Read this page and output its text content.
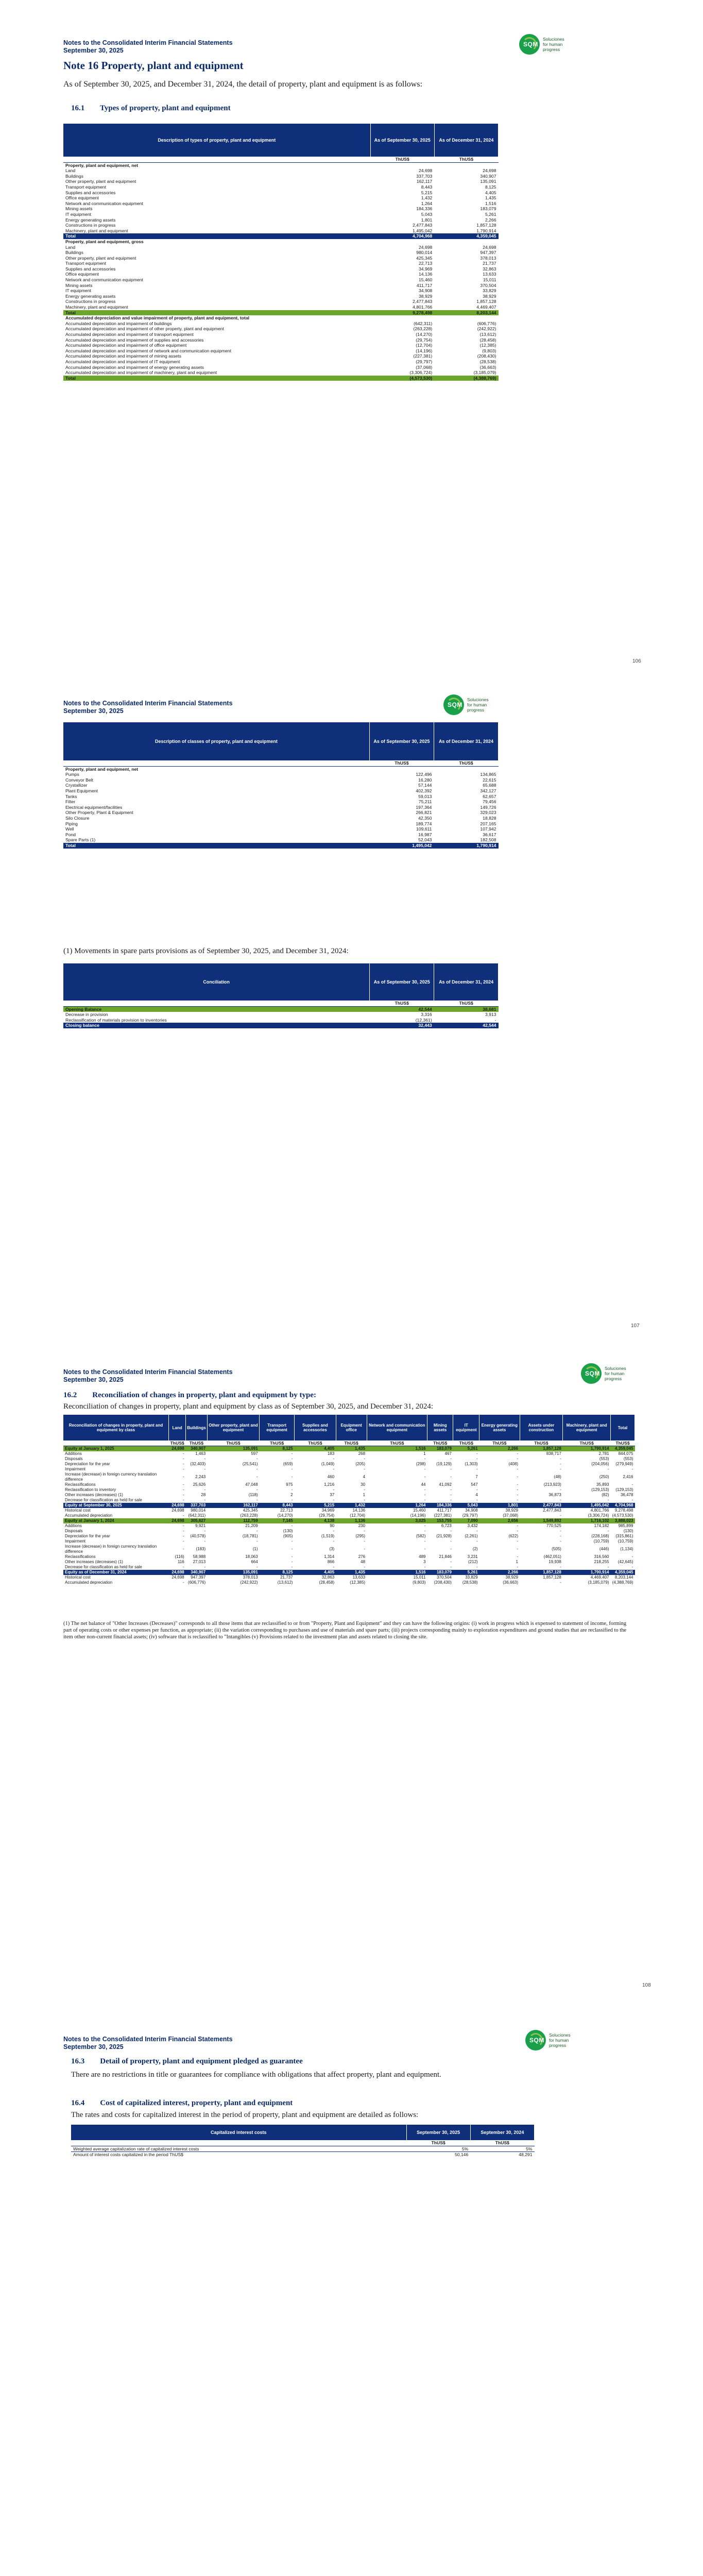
Notes to the Consolidated Interim Financial Statements
September 30, 2025
SQM
Soluciones
for human
progress
Note 16 Property, plant and equipment
As of September 30, 2025, and December 31, 2024, the detail of property, plant and equipment is as follows:
16.1        Types of property, plant and equipment
Description of types of property, plant and equipment	As of September 30, 2025	As of December 31, 2024
	ThUS$	ThUS$
Property, plant and equipment, net		
Land	24,698	24,698
Buildings	337,703	340,907
Other property, plant and equipment	162,117	135,091
Transport equipment	8,443	8,125
Supplies and accessories	5,215	4,405
Office equipment	1,432	1,435
Network and communication equipment	1,264	1,516
Mining assets	184,336	183,079
IT equipment	5,043	5,261
Energy generating assets	1,801	2,266
Constructions in progress	2,477,843	1,857,128
Machinery, plant and equipment	1,495,042	1,790,914
Total	4,704,968	4,359,045
Property, plant and equipment, gross		
Land	24,698	24,698
Buildings	980,014	947,397
Other property, plant and equipment	425,345	378,013
Transport equipment	22,713	21,737
Supplies and accessories	34,969	32,863
Office equipment	14,136	13,633
Network and communication equipment	15,460	15,011
Mining assets	411,717	370,504
IT equipment	34,908	33,829
Energy generating assets	38,929	38,929
Constructions in progress	2,477,843	1,857,128
Machinery, plant and equipment	4,801,766	4,469,407
Total	9,278,498	8,203,144
Accumulated depreciation and value impairment of property, plant and equipment, total		
Accumulated depreciation and impairment of buildings	(642,311)	(606,776)
Accumulated depreciation and impairment of other property, plant and equipment	(263,228)	(242,922)
Accumulated depreciation and impairment of transport equipment	(14,270)	(13,612)
Accumulated depreciation and impairment of supplies and accessories	(29,754)	(28,458)
Accumulated depreciation and impairment of office equipment	(12,704)	(12,385)
Accumulated depreciation and impairment of network and communication equipment	(14,196)	(9,803)
Accumulated depreciation and impairment of mining assets	(227,381)	(208,430)
Accumulated depreciation and impairment of IT equipment	(29,797)	(28,538)
Accumulated depreciation and impairment of energy generating assets	(37,068)	(36,663)
Accumulated depreciation and impairment of machinery, plant and equipment	(3,306,724)	(3,185,079)
Total	(4,573,530)	(4,388,769)
106
Notes to the Consolidated Interim Financial Statements
September 30, 2025
SQM
Soluciones
for human
progress
Description of classes of property, plant and equipment	As of September 30, 2025	As of December 31, 2024
	ThUS$	ThUS$
Property, plant and equipment, net		
Pumps	122,496	134,865
Conveyor Belt	16,280	22,615
Crystallizer	57,144	65,688
Plant Equipment	402,392	342,127
Tanks	59,013	62,657
Filter	75,211	79,456
Electrical equipment/facilities	197,364	149,726
Other Property, Plant & Equipment	266,821	329,023
Silo Closure	42,350	18,828
Piping	189,774	207,165
Well	109,611	107,942
Pond	16,987	36,617
Spare Parts (1)	52,043	182,508
Total	1,495,042	1,790,914
(1) Movements in spare parts provisions as of September 30, 2025, and December 31, 2024:
Conciliation	As of September 30, 2025	As of December 31, 2024
	ThUS$	ThUS$
Opening Balance	42,544	38,681
Decrease in provision	3,316	3,913
Reclassification of materials provision to inventories	(12,361)	-
Closing balance	32,443	42,544
107
Notes to the Consolidated Interim Financial Statements
September 30, 2025
SQM
Soluciones
for human
progress
16.2        Reconciliation of changes in property, plant and equipment by type:
Reconciliation of changes in property, plant and equipment by class as of September 30, 2025, and December 31, 2024:
Reconciliation of changes in property, plant and equipment by class	Land	Buildings	Other property, plant and equipment	Transport equipment	Supplies and accessories	Equipment office	Network and communication equipment	Mining assets	IT equipment	Energy generating assets	Assets under construction	Machinery, plant and equipment	Total
	ThUS$	ThUS$	ThUS$	ThUS$	ThUS$	ThUS$	ThUS$	ThUS$	ThUS$	ThUS$	ThUS$	ThUS$	ThUS$
Equity at January 1, 2025	24,698	340,907	135,091	8,125	4,405	1,435	1,516	183,079	5,261	2,266	1,857,128	1,790,914	4,359,045
Additions	-	1,463	597	-	183	268	1	467	-	-	838,717	2,781	844,075
Disposals	-	-	-	-	-	-	-	-	-	-	-	(553)	(553)
Depreciation for the year	-	(32,403)	(25,541)	(659)	(1,049)	(205)	(298)	(19,129)	(1,303)	(408)	-	(204,056)	(279,949)
Impairment	-	-	-	-	-	-	-	-	-	-	-	-	-
Increase (decrease) in foreign currency translation difference	-	2,243	-	-	460	4	-	-	7	-	(48)	(250)	2,416
Reclassifications	-	25,626	47,048	975	1,216	30	44	41,092	547	-	(213,923)	35,893	-
Reclassification to inventory	-	-	-	-	-	-	-	-	-	-	-	(129,153)	(129,153)
Other increases (decreases) (1)	-	28	(118)	2	37	1	-	-	4	-	36,873	(82)	36,478
Decrease for classification as held for sale	-	-	-	-	-	-	-	-	-	-	-	-	-
Equity at September 30, 2025	24,698	337,703	162,117	8,443	5,215	1,432	1,264	184,336	5,043	1,801	2,477,843	1,495,042	4,704,968
Historical cost	24,698	980,014	425,345	22,713	34,969	14,136	15,460	411,717	34,908	38,929	2,477,843	4,801,766	9,278,498
Accumulated depreciation	-	(642,311)	(263,228)	(14,270)	(29,754)	(12,704)	(14,196)	(227,381)	(29,797)	(37,068)	-	(3,306,724)	(4,573,530)
Equity at January 1, 2024	24,698	305,627	112,759	7,145	4,138	1,136	3,025	153,755	7,090	2,656	1,549,892	1,716,102	3,888,023
Additions	-	9,921	21,209	-	90	230	-	6,723	3,432	-	770,525	174,182	985,899
Disposals	-	-	-	(130)	-	-	-	-	-	-	-	-	(130)
Depreciation for the year	-	(40,578)	(18,781)	(905)	(1,519)	(295)	(582)	(21,928)	(2,261)	(622)	-	(228,168)	(315,861)
Impairment	-	-	-	-	-	-	-	-	-	-	-	(10,759)	(10,759)
Increase (decrease) in foreign currency translation difference	-	(183)	(1)	-	(3)	-	-	-	(2)	-	(505)	(446)	(1,134)
Reclassifications	(116)	58,988	18,063	-	1,314	276	489	21,846	3,231	-	(462,051)	316,560	-
Other increases (decreases) (1)	116	27,013	664	-	866	48	3	-	(212)	1	19,938	218,255	(42,645)
Decrease for classification as held for sale	-	-	-	-	-	-	-	-	-	-	-	-	-
Equity as of December 31, 2024	24,698	340,907	135,091	8,125	4,405	1,435	1,516	183,079	5,261	2,266	1,857,128	1,790,914	4,359,045
Historical cost	24,698	947,397	378,013	21,737	32,863	13,633	15,011	370,504	33,829	38,929	1,857,128	4,469,407	8,203,144
Accumulated depreciation	-	(606,776)	(242,922)	(13,612)	(28,458)	(12,385)	(9,803)	(208,430)	(28,538)	(36,663)	-	(3,185,079)	(4,388,769)
(1) The net balance of "Other Increases (Decreases)" corresponds to all those items that are reclassified to or from "Property, Plant and Equipment" and they can have the following origins: (i) work in progress which is expensed to statement of income, forming part of operating costs or other expenses per function, as appropriate; (ii) the variation corresponding to purchases and use of materials and spare parts; (iii) projects corresponding mainly to exploration expenditures and ground studies that are reclassified to the item other non-current financial assets; (iv) software that is reclassified to "Intangibles (v) Provisions related to the investment plan and assets related to closing the site.
108
Notes to the Consolidated Interim Financial Statements
September 30, 2025
SQM
Soluciones
for human
progress
16.3        Detail of property, plant and equipment pledged as guarantee
There are no restrictions in title or guarantees for compliance with obligations that affect property, plant and equipment.
16.4        Cost of capitalized interest, property, plant and equipment
The rates and costs for capitalized interest in the period of property, plant and equipment are detailed as follows:
Capitalized interest costs	September 30, 2025	September 30, 2024
	ThUS$	ThUS$
Weighted average capitalization rate of capitalized interest costs	5%	5%
Amount of interest costs capitalized in the period ThUS$	50,146	48,291
